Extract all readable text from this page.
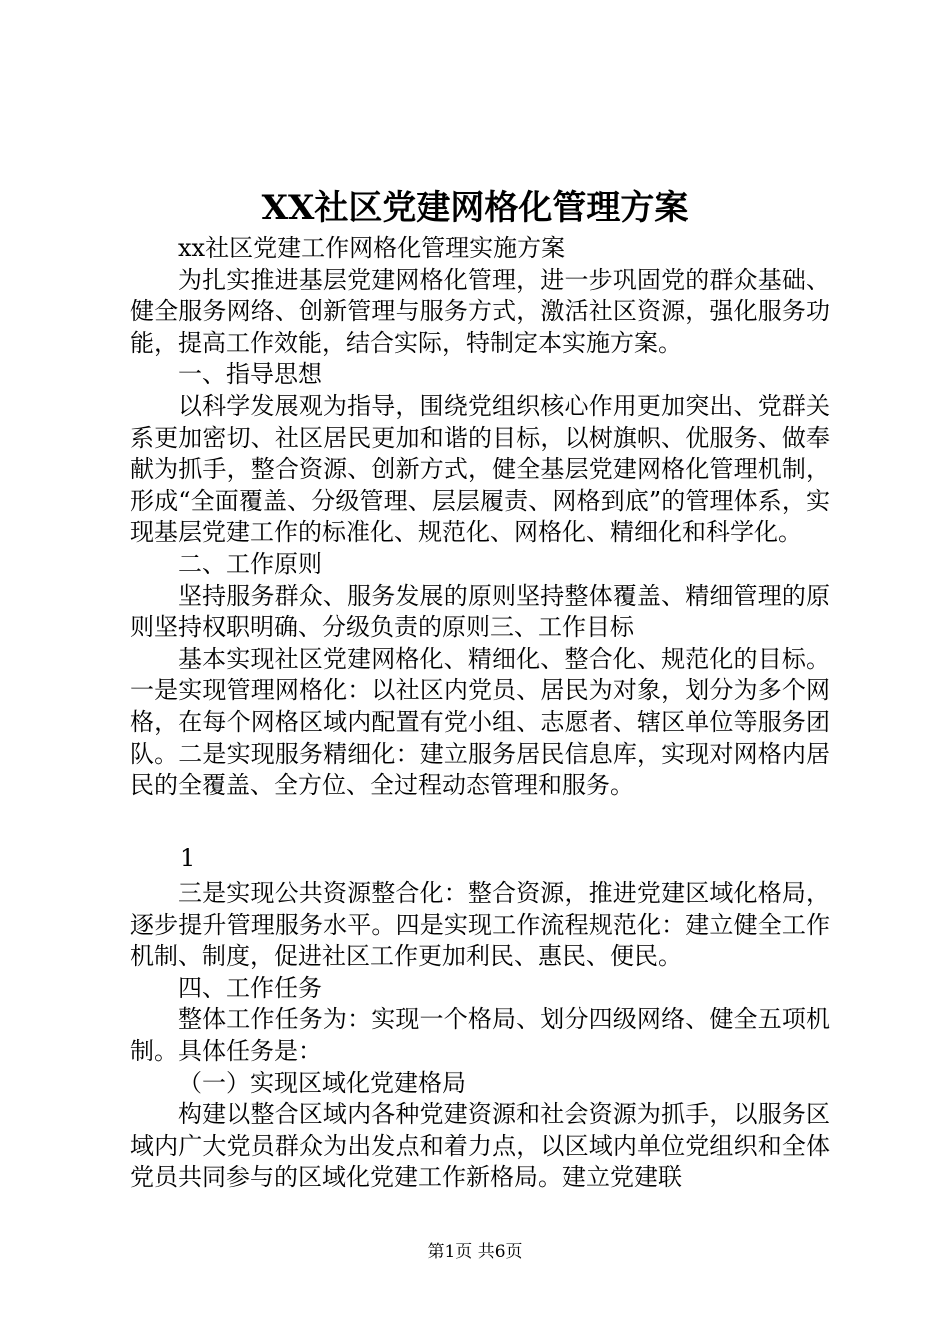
XX社区党建网格化管理方案

xx社区党建工作网格化管理实施方案

为扎实推进基层党建网格化管理，进一步巩固党的群众基础、健全服务网络、创新管理与服务方式，激活社区资源，强化服务功能，提高工作效能，结合实际，特制定本实施方案。

一、指导思想

以科学发展观为指导，围绕党组织核心作用更加突出、党群关系更加密切、社区居民更加和谐的目标，以树旗帜、优服务、做奉献为抓手，整合资源、创新方式，健全基层党建网格化管理机制，形成“全面覆盖、分级管理、层层履责、网格到底”的管理体系，实现基层党建工作的标准化、规范化、网格化、精细化和科学化。

二、工作原则

坚持服务群众、服务发展的原则坚持整体覆盖、精细管理的原则坚持权职明确、分级负责的原则三、工作目标

基本实现社区党建网格化、精细化、整合化、规范化的目标。一是实现管理网格化：以社区内党员、居民为对象，划分为多个网格，在每个网格区域内配置有党小组、志愿者、辖区单位等服务团队。二是实现服务精细化：建立服务居民信息库，实现对网格内居民的全覆盖、全方位、全过程动态管理和服务。

1

三是实现公共资源整合化：整合资源，推进党建区域化格局，逐步提升管理服务水平。四是实现工作流程规范化：建立健全工作机制、制度，促进社区工作更加利民、惠民、便民。

四、工作任务

整体工作任务为：实现一个格局、划分四级网络、健全五项机制。具体任务是：

（一）实现区域化党建格局

构建以整合区域内各种党建资源和社会资源为抓手，以服务区域内广大党员群众为出发点和着力点，以区域内单位党组织和全体党员共同参与的区域化党建工作新格局。建立党建联

第1页 共6页
